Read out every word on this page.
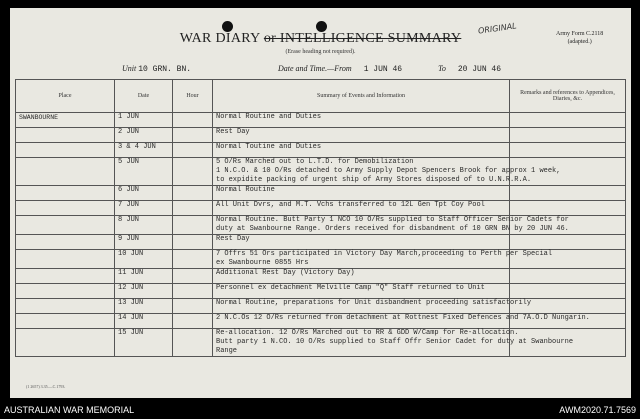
WAR DIARY or INTELLIGENCE SUMMARY
(Erase heading not required).
ORIGINAL	Army Form C.2118
(adapted.)
Unit 10 GRN. BN.	Date and Time.—From 1 JUN 46	To 20 JUN 46
Place	Date	Hour	Summary of Events and Information	Remarks and references to Appendices, Diaries, &c.
SWANBOURNE	1 JUN		Normal Routine and Duties	

	2 JUN		Rest Day	

	3 & 4 JUN		Normal Toutine and Duties	

	5 JUN		5 O/Rs Marched out to L.T.D. for Demobilization
1 N.C.O. & 10 O/Rs detached to Army Supply Depot Spencers Brook for approx 1 week,
to expidite packing of urgent ship of Army Stores disposed of to U.N.R.R.A.	

	6 JUN		Normal Routine	

	7 JUN		All Unit Dvrs, and M.T. Vchs transferred to 12L Gen Tpt Coy Pool	

	8 JUN		Normal Routine. Butt Party 1 NCO 10 O/Rs supplied to Staff Officer Senior Cadets for
duty at Swanbourne Range. Orders received for disbandment of 10 GRN BN by 20 JUN 46.	

	9 JUN		Rest Day	

	10 JUN		7 Offrs 51 Ors participated in Victory Day March,proceeding to Perth per Special
ex Swanbourne 0855 Hrs	

	11 JUN		Additional Rest Day (Victory Day)	

	12 JUN		Personnel ex detachment Melville Camp "Q" Staff returned to Unit	

	13 JUN		Normal Routine, preparations for Unit disbandment proceeding satisfactorily	

	14 JUN		2 N.C.Os 12 O/Rs returned from detachment at Rottnest Fixed Defences and 7A.O.D Nungarin.	

	15 JUN		Re-allocation. 12 O/Rs Marched out to RR & GDD W/Camp for Re-allocation.
Butt party 1 N.CO. 10 O/Rs supplied to Staff Offr Senior Cadet for duty at Swanbourne
Range	

(1 2657) 3.35.—C.1793.
AUSTRALIAN WAR MEMORIAL	AWM2020.71.7569
